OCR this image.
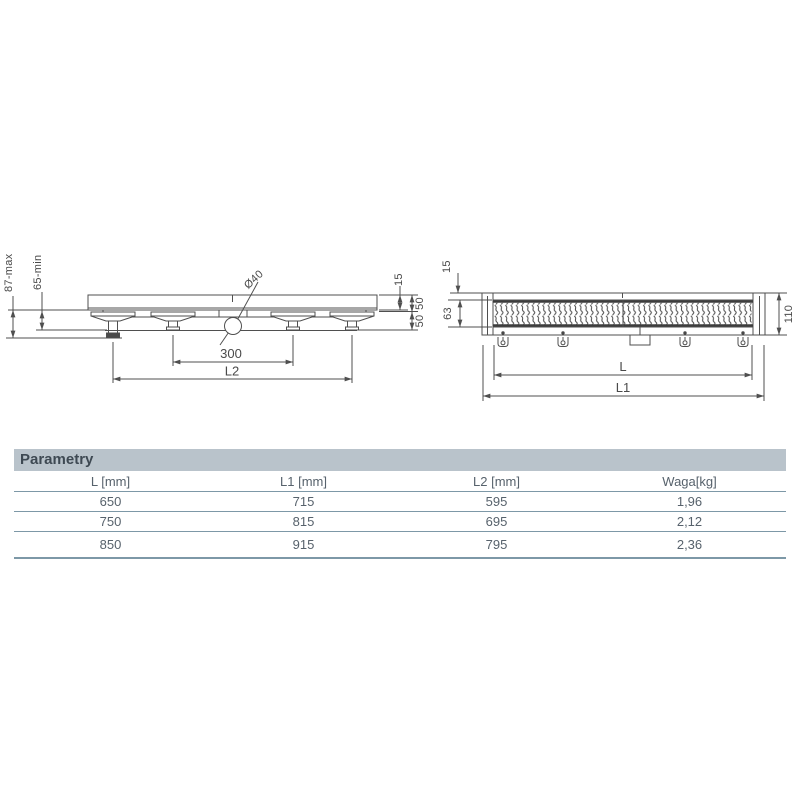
87-max 65-min	15
50
50
Ø40
300
L2
15
63	110
L
L1
Parametry
L [mm]	L1 [mm]	L2 [mm]	Waga[kg]
650	715	595	1,96
750	815	695	2,12
850	915	795	2,36
